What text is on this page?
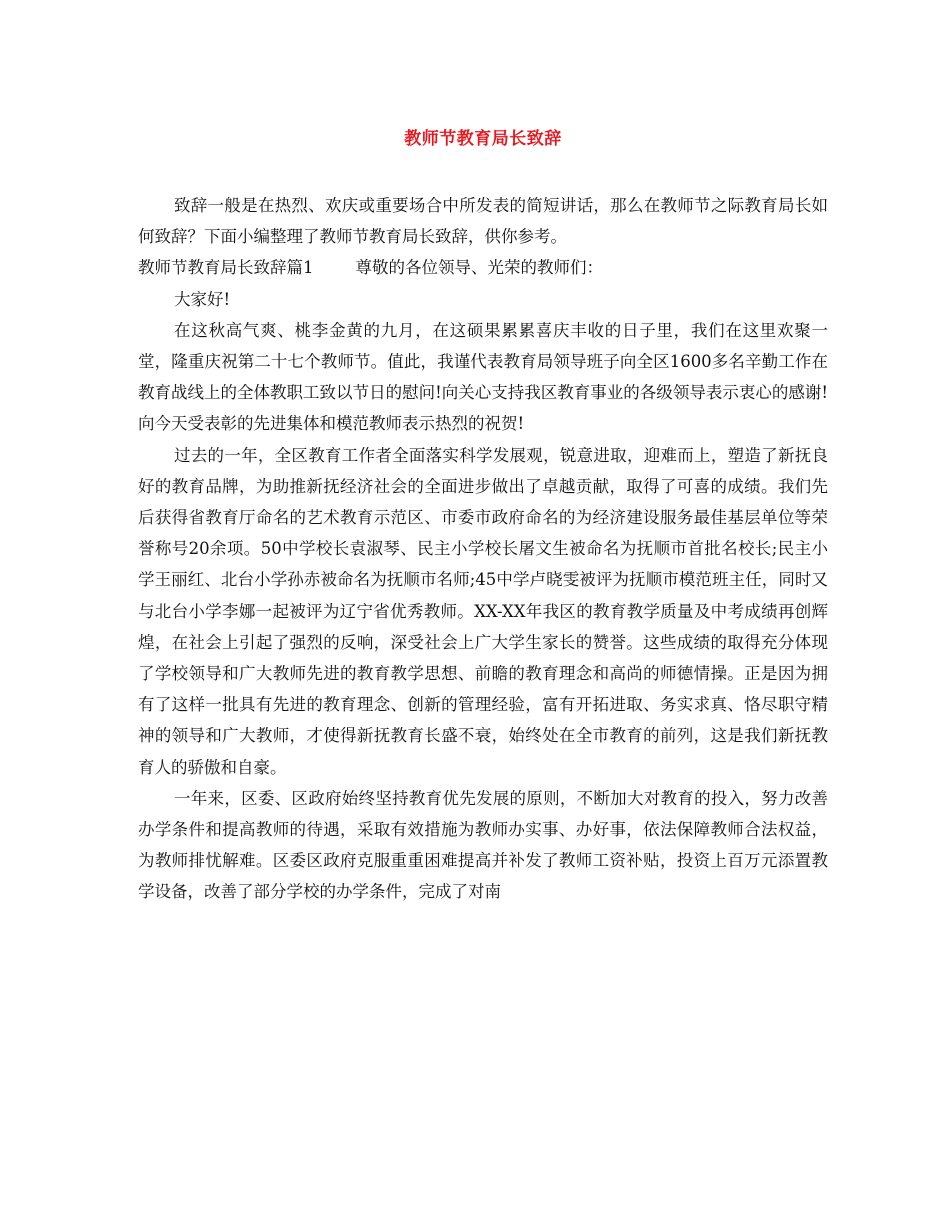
教师节教育局长致辞

致辞一般是在热烈、欢庆或重要场合中所发表的简短讲话，那么在教师节之际教育局长如何致辞？下面小编整理了教师节教育局长致辞，供你参考。

教师节教育局长致辞篇1	尊敬的各位领导、光荣的教师们：

大家好!

在这秋高气爽、桃李金黄的九月，在这硕果累累喜庆丰收的日子里，我们在这里欢聚一堂，隆重庆祝第二十七个教师节。值此，我谨代表教育局领导班子向全区1600多名辛勤工作在教育战线上的全体教职工致以节日的慰问!向关心支持我区教育事业的各级领导表示衷心的感谢!向今天受表彰的先进集体和模范教师表示热烈的祝贺!

过去的一年，全区教育工作者全面落实科学发展观，锐意进取，迎难而上，塑造了新抚良好的教育品牌，为助推新抚经济社会的全面进步做出了卓越贡献，取得了可喜的成绩。我们先后获得省教育厅命名的艺术教育示范区、市委市政府命名的为经济建设服务最佳基层单位等荣誉称号20余项。50中学校长袁淑琴、民主小学校长屠文生被命名为抚顺市首批名校长;民主小学王丽红、北台小学孙赤被命名为抚顺市名师;45中学卢晓雯被评为抚顺市模范班主任，同时又与北台小学李娜一起被评为辽宁省优秀教师。XX-XX年我区的教育教学质量及中考成绩再创辉煌，在社会上引起了强烈的反响，深受社会上广大学生家长的赞誉。这些成绩的取得充分体现了学校领导和广大教师先进的教育教学思想、前瞻的教育理念和高尚的师德情操。正是因为拥有了这样一批具有先进的教育理念、创新的管理经验，富有开拓进取、务实求真、恪尽职守精神的领导和广大教师，才使得新抚教育长盛不衰，始终处在全市教育的前列，这是我们新抚教育人的骄傲和自豪。

一年来，区委、区政府始终坚持教育优先发展的原则，不断加大对教育的投入，努力改善办学条件和提高教师的待遇，采取有效措施为教师办实事、办好事，依法保障教师合法权益，为教师排忧解难。区委区政府克服重重困难提高并补发了教师工资补贴，投资上百万元添置教学设备，改善了部分学校的办学条件，完成了对南
